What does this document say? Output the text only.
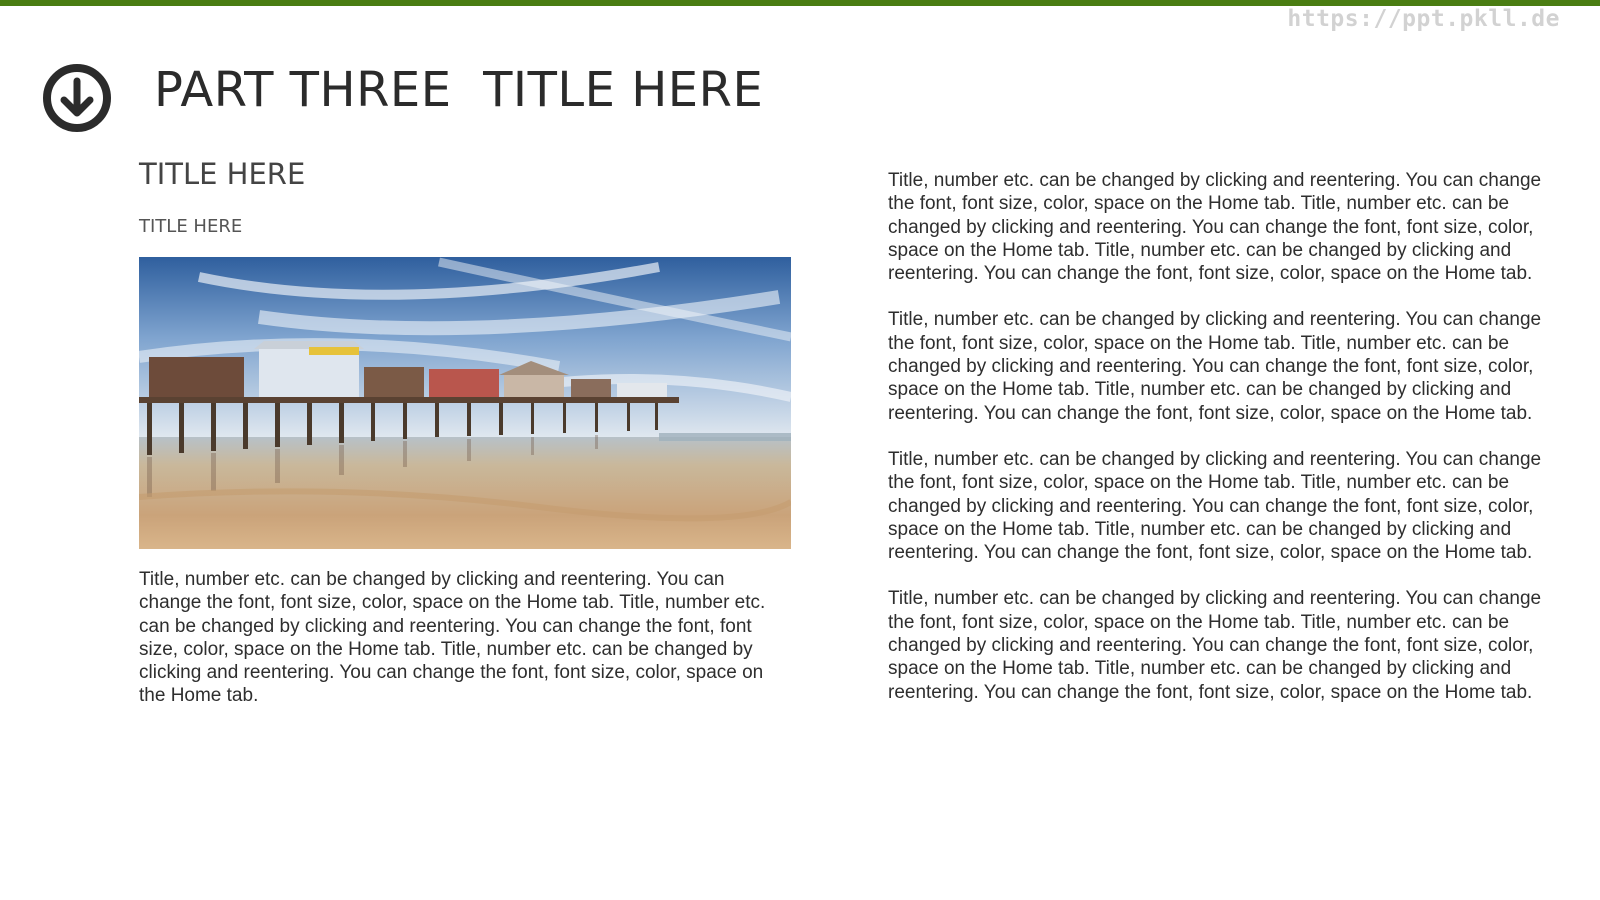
https://ppt.pkll.de
PART THREE  TITLE HERE
TITLE HERE
TITLE HERE

Title, number etc. can be changed by clicking and reentering. You can change the font, font size, color, space on the Home tab. Title, number etc. can be changed by clicking and reentering. You can change the font, font size, color, space on the Home tab. Title, number etc. can be changed by clicking and reentering. You can change the font, font size, color, space on the Home tab.

Title, number etc. can be changed by clicking and reentering. You can change the font, font size, color, space on the Home tab. Title, number etc. can be changed by clicking and reentering. You can change the font, font size, color, space on the Home tab. Title, number etc. can be changed by clicking and reentering. You can change the font, font size, color, space on the Home tab.

Title, number etc. can be changed by clicking and reentering. You can change the font, font size, color, space on the Home tab. Title, number etc. can be changed by clicking and reentering. You can change the font, font size, color, space on the Home tab. Title, number etc. can be changed by clicking and reentering. You can change the font, font size, color, space on the Home tab.

Title, number etc. can be changed by clicking and reentering. You can change the font, font size, color, space on the Home tab. Title, number etc. can be changed by clicking and reentering. You can change the font, font size, color, space on the Home tab. Title, number etc. can be changed by clicking and reentering. You can change the font, font size, color, space on the Home tab.

Title, number etc. can be changed by clicking and reentering. You can change the font, font size, color, space on the Home tab. Title, number etc. can be changed by clicking and reentering. You can change the font, font size, color, space on the Home tab. Title, number etc. can be changed by clicking and reentering. You can change the font, font size, color, space on the Home tab.
